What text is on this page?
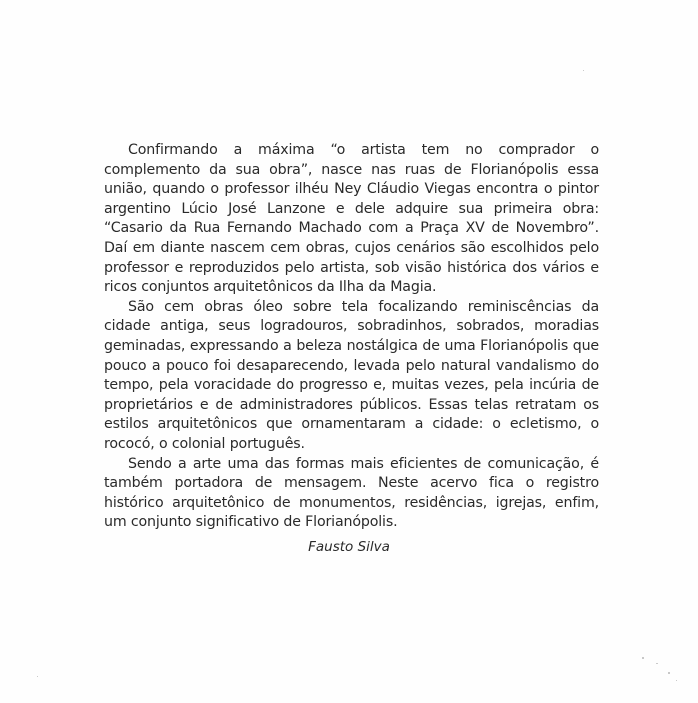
Confirmando a máxima “o artista tem no comprador o complemento da sua obra”, nasce nas ruas de Florianópolis essa união, quando o professor ilhéu Ney Cláudio Viegas encontra o pintor argentino Lúcio José Lanzone e dele adquire sua primeira obra: “Casario da Rua Fernando Machado com a Praça XV de Novembro”. Daí em diante nascem cem obras, cujos cenários são escolhidos pelo professor e reproduzidos pelo artista, sob visão histórica dos vários e ricos conjuntos arquitetônicos da Ilha da Magia.

São cem obras óleo sobre tela focalizando reminiscências da cidade antiga, seus logradouros, sobradinhos, sobrados, moradias geminadas, expressando a beleza nostálgica de uma Florianópolis que pouco a pouco foi desaparecendo, levada pelo natural vandalismo do tempo, pela voracidade do progresso e, muitas vezes, pela incúria de proprietários e de administradores públicos. Essas telas retratam os estilos arquitetônicos que ornamentaram a cidade: o ecletismo, o rococó, o colonial português.

Sendo a arte uma das formas mais eficientes de comunicação, é também portadora de mensagem. Neste acervo fica o registro histórico arquitetônico de monumentos, residências, igrejas, enfim, um conjunto significativo de Florianópolis.

Fausto Silva
